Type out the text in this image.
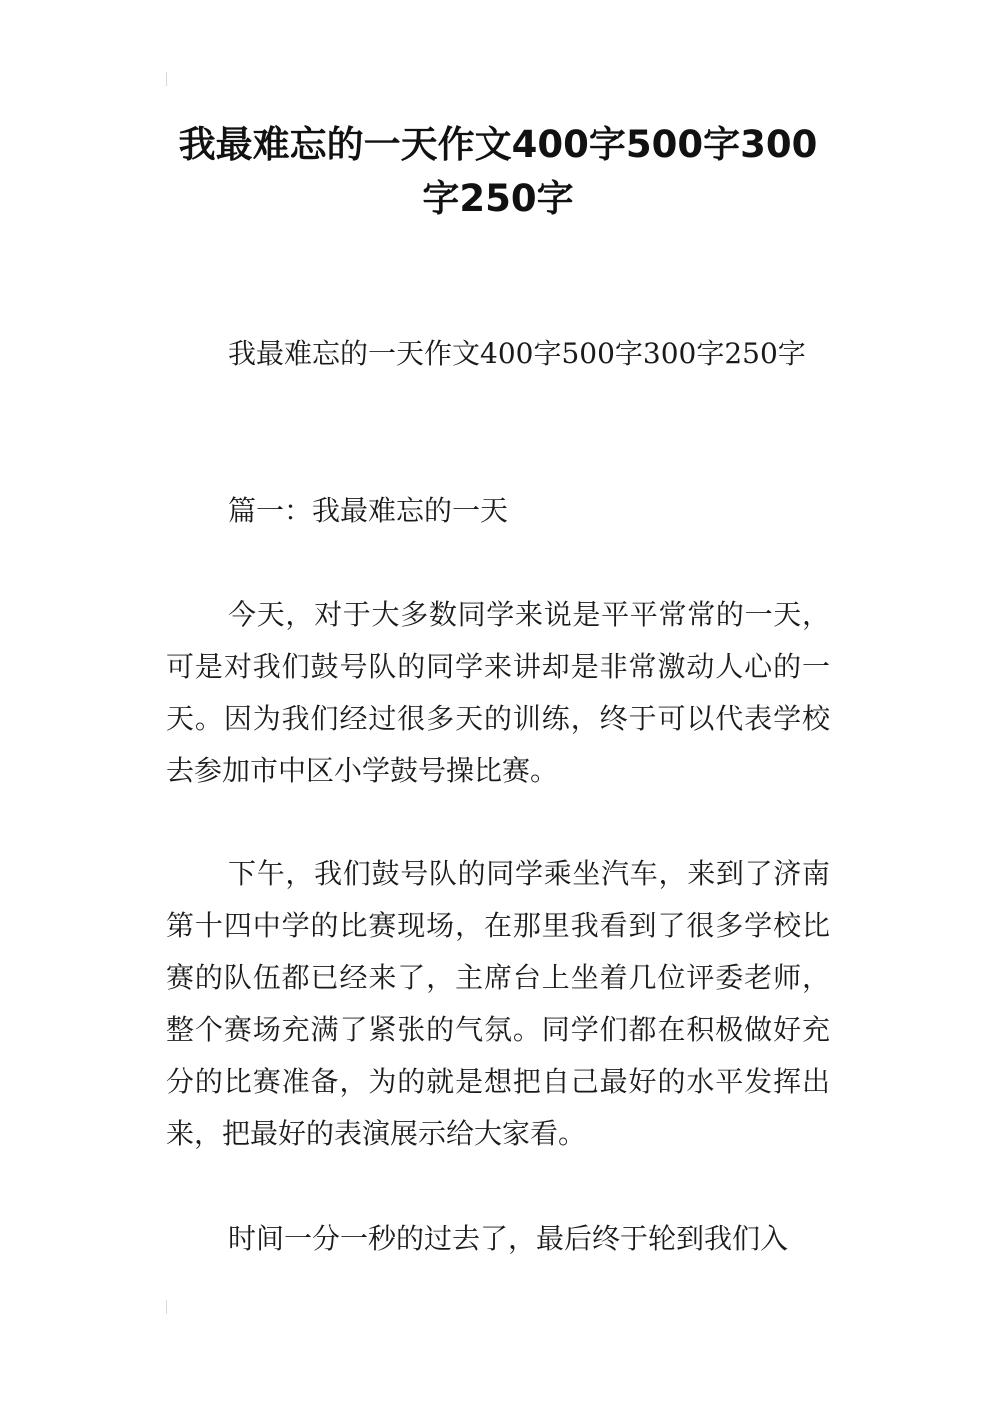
我最难忘的一天作文400字500字300字250字

我最难忘的一天作文400字500字300字250字

篇一：我最难忘的一天

今天，对于大多数同学来说是平平常常的一天，可是对我们鼓号队的同学来讲却是非常激动人心的一天。因为我们经过很多天的训练，终于可以代表学校去参加市中区小学鼓号操比赛。

下午，我们鼓号队的同学乘坐汽车，来到了济南第十四中学的比赛现场，在那里我看到了很多学校比赛的队伍都已经来了，主席台上坐着几位评委老师，整个赛场充满了紧张的气氛。同学们都在积极做好充分的比赛准备，为的就是想把自己最好的水平发挥出来，把最好的表演展示给大家看。

时间一分一秒的过去了，最后终于轮到我们入
